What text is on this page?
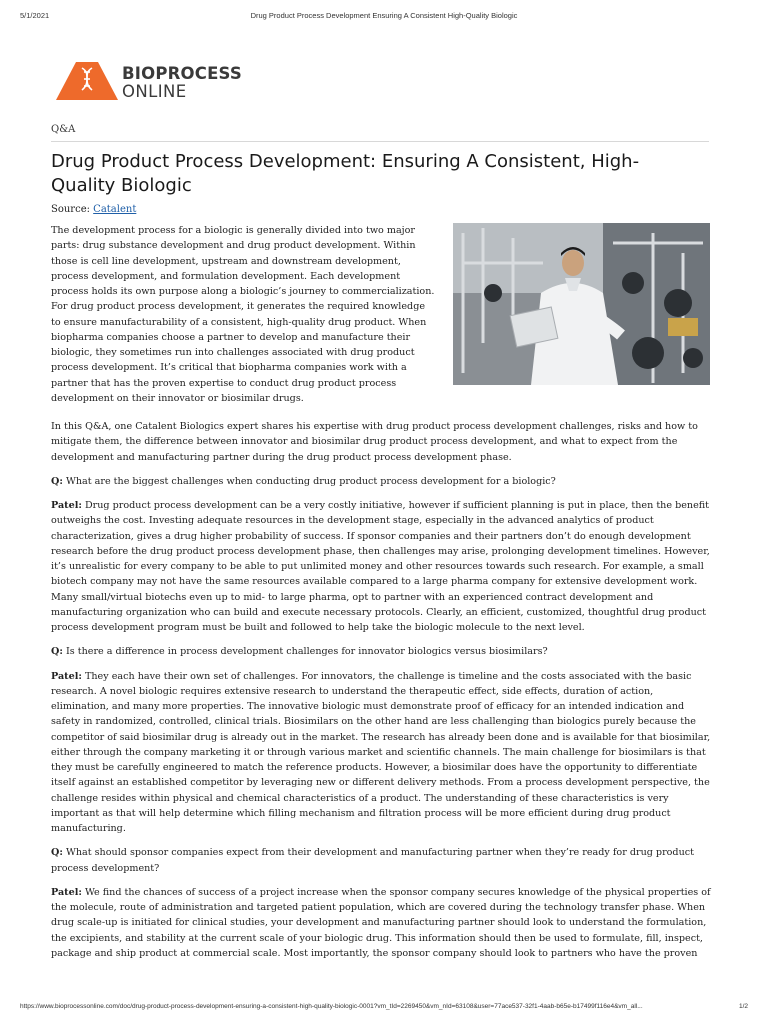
5/1/2021	Drug Product Process Development Ensuring A Consistent High-Quality Biologic
BIOPROCESS
ONLINE
Q&A
Drug Product Process Development: Ensuring A Consistent, High-Quality Biologic
Source: Catalent

The development process for a biologic is generally divided into two major parts: drug substance development and drug product development. Within those is cell line development, upstream and downstream development, process development, and formulation development. Each development process holds its own purpose along a biologic’s journey to commercialization. For drug product process development, it generates the required knowledge to ensure manufacturability of a consistent, high-quality drug product. When biopharma companies choose a partner to develop and manufacture their biologic, they sometimes run into challenges associated with drug product process development. It’s critical that biopharma companies work with a partner that has the proven expertise to conduct drug product process development on their innovator or biosimilar drugs.

In this Q&A, one Catalent Biologics expert shares his expertise with drug product process development challenges, risks and how to mitigate them, the difference between innovator and biosimilar drug product process development, and what to expect from the development and manufacturing partner during the drug product process development phase.

Q: What are the biggest challenges when conducting drug product process development for a biologic?

Patel: Drug product process development can be a very costly initiative, however if sufficient planning is put in place, then the benefit outweighs the cost. Investing adequate resources in the development stage, especially in the advanced analytics of product characterization, gives a drug higher probability of success. If sponsor companies and their partners don’t do enough development research before the drug product process development phase, then challenges may arise, prolonging development timelines. However, it’s unrealistic for every company to be able to put unlimited money and other resources towards such research. For example, a small biotech company may not have the same resources available compared to a large pharma company for extensive development work. Many small/virtual biotechs even up to mid- to large pharma, opt to partner with an experienced contract development and manufacturing organization who can build and execute necessary protocols. Clearly, an efficient, customized, thoughtful drug product process development program must be built and followed to help take the biologic molecule to the next level.

Q: Is there a difference in process development challenges for innovator biologics versus biosimilars?

Patel: They each have their own set of challenges. For innovators, the challenge is timeline and the costs associated with the basic research. A novel biologic requires extensive research to understand the therapeutic effect, side effects, duration of action, elimination, and many more properties. The innovative biologic must demonstrate proof of efficacy for an intended indication and safety in randomized, controlled, clinical trials. Biosimilars on the other hand are less challenging than biologics purely because the competitor of said biosimilar drug is already out in the market. The research has already been done and is available for that biosimilar, either through the company marketing it or through various market and scientific channels. The main challenge for biosimilars is that they must be carefully engineered to match the reference products. However, a biosimilar does have the opportunity to differentiate itself against an established competitor by leveraging new or different delivery methods. From a process development perspective, the challenge resides within physical and chemical characteristics of a product. The understanding of these characteristics is very important as that will help determine which filling mechanism and filtration process will be more efficient during drug product manufacturing.

Q: What should sponsor companies expect from their development and manufacturing partner when they’re ready for drug product process development?

Patel: We find the chances of success of a project increase when the sponsor company secures knowledge of the physical properties of the molecule, route of administration and targeted patient population, which are covered during the technology transfer phase. When drug scale-up is initiated for clinical studies, your development and manufacturing partner should look to understand the formulation, the excipients, and stability at the current scale of your biologic drug. This information should then be used to formulate, fill, inspect, package and ship product at commercial scale. Most importantly, the sponsor company should look to partners who have the proven

https://www.bioprocessonline.com/doc/drug-product-process-development-ensuring-a-consistent-high-quality-biologic-0001?vm_tId=2269450&vm_nId=63108&user=77ace537-32f1-4aab-b65e-b17499f116e4&vm_all...	1/2
